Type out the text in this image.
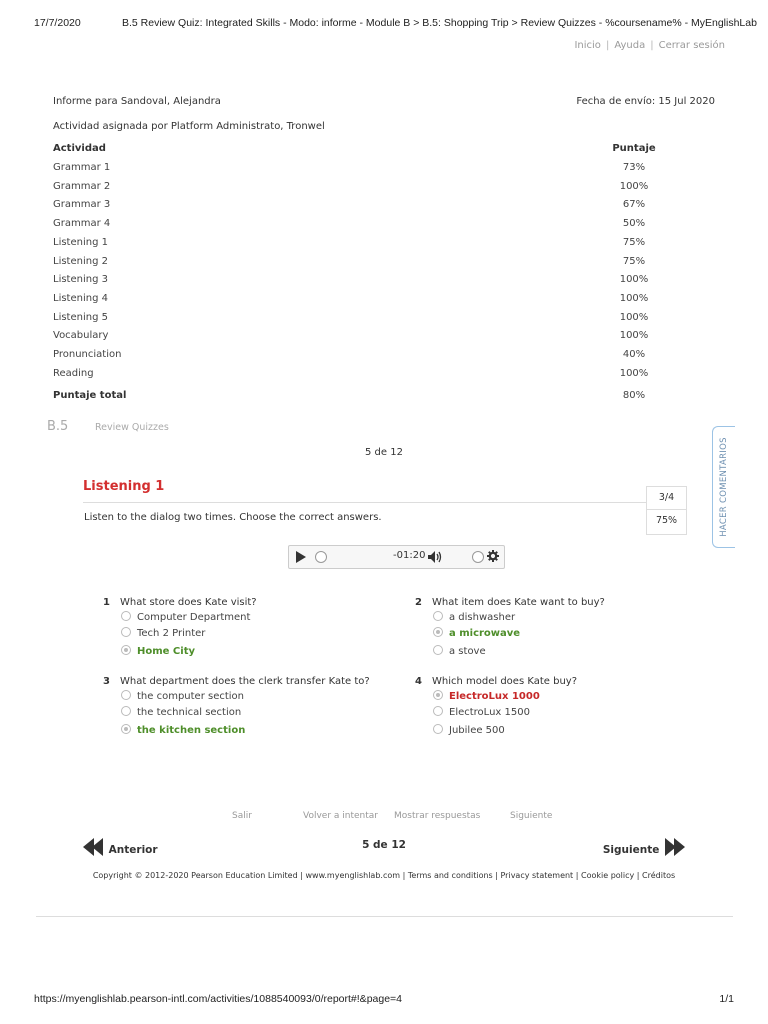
17/7/2020	B.5 Review Quiz: Integrated Skills - Modo: informe - Module B > B.5: Shopping Trip > Review Quizzes - %coursename% - MyEnglishLab
Inicio | Ayuda | Cerrar sesión
Informe para Sandoval, Alejandra	Fecha de envío: 15 Jul 2020
Actividad asignada por Platform Administrato, Tronwel
Actividad	Puntaje
Grammar 1	73%
Grammar 2	100%
Grammar 3	67%
Grammar 4	50%
Listening 1	75%
Listening 2	75%
Listening 3	100%
Listening 4	100%
Listening 5	100%
Vocabulary	100%
Pronunciation	40%
Reading	100%
Puntaje total	80%
B.5	Review Quizzes
5 de 12
Listening 1
3/4
75%
Listen to the dialog two times. Choose the correct answers.
-01:20
HACER COMENTARIOS
1 What store does Kate visit?
Computer Department
Tech 2 Printer
Home City
2 What item does Kate want to buy?
a dishwasher
a microwave
a stove
3 What department does the clerk transfer Kate to?
the computer section
the technical section
the kitchen section
4 Which model does Kate buy?
ElectroLux 1000
ElectroLux 1500
Jubilee 500
Salir	Volver a intentar Mostrar respuestas	Siguiente
Anterior	5 de 12	Siguiente
Copyright © 2012-2020 Pearson Education Limited | www.myenglishlab.com | Terms and conditions | Privacy statement | Cookie policy | Créditos
https://myenglishlab.pearson-intl.com/activities/1088540093/0/report#!&page=4	1/1
